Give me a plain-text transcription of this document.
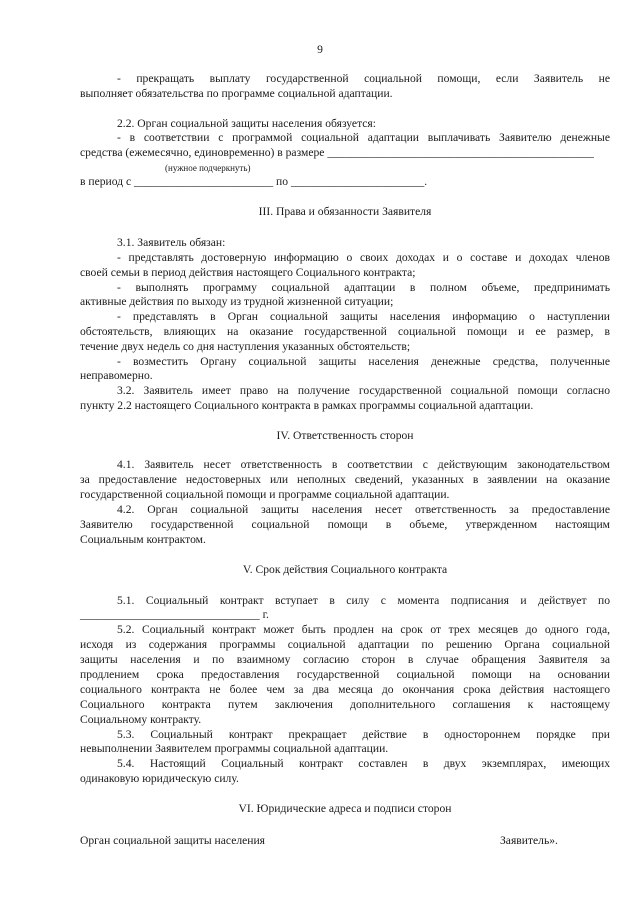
9
- прекращать выплату государственной социальной помощи, если Заявитель не
выполняет обязательства по программе социальной адаптации.
2.2. Орган социальной защиты населения обязуется:
- в соответствии с программой социальной адаптации выплачивать Заявителю денежные
средства (ежемесячно, единовременно) в размере ______________________________________________
(нужное подчеркнуть)
в период с ________________________ по _______________________.
III. Права и обязанности Заявителя
3.1. Заявитель обязан:
- представлять достоверную информацию о своих доходах и о составе и доходах членов
своей семьи в период действия настоящего Социального контракта;
- выполнять программу социальной адаптации в полном объеме, предпринимать
активные действия по выходу из трудной жизненной ситуации;
- представлять в Орган социальной защиты населения информацию о наступлении
обстоятельств, влияющих на оказание государственной социальной помощи и ее размер, в
течение двух недель со дня наступления указанных обстоятельств;
- возместить Органу социальной защиты населения денежные средства, полученные
неправомерно.
3.2. Заявитель имеет право на получение государственной социальной помощи согласно
пункту 2.2 настоящего Социального контракта в рамках программы социальной адаптации.
IV. Ответственность сторон
4.1. Заявитель несет ответственность в соответствии с действующим законодательством
за предоставление недостоверных или неполных сведений, указанных в заявлении на оказание
государственной социальной помощи и программе социальной адаптации.
4.2. Орган социальной защиты населения несет ответственность за предоставление
Заявителю государственной социальной помощи в объеме, утвержденном настоящим
Социальным контрактом.
V. Срок действия Социального контракта
5.1. Социальный контракт вступает в силу с момента подписания и действует по
_______________________________ г.
5.2. Социальный контракт может быть продлен на срок от трех месяцев до одного года,
исходя из содержания программы социальной адаптации по решению Органа социальной
защиты населения и по взаимному согласию сторон в случае обращения Заявителя за
продлением срока предоставления государственной социальной помощи на основании
социального контракта не более чем за два месяца до окончания срока действия настоящего
Социального контракта путем заключения дополнительного соглашения к настоящему
Социальному контракту.
5.3. Социальный контракт прекращает действие в одностороннем порядке при
невыполнении Заявителем программы социальной адаптации.
5.4. Настоящий Социальный контракт составлен в двух экземплярах, имеющих
одинаковую юридическую силу.
VI. Юридические адреса и подписи сторон
Орган социальной защиты населения	Заявитель».
